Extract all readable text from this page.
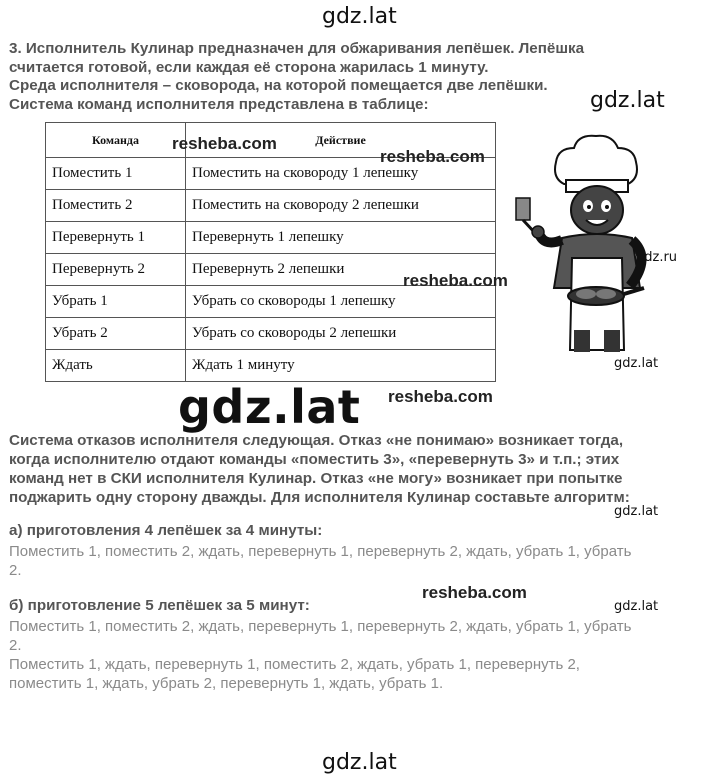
gdz.lat
gdz.lat
gdz.ru
gdz.lat
gdz.lat
gdz.lat
gdz.lat
gdz.lat
3. Исполнитель Кулинар предназначен для обжаривания лепёшек. Лепёшка
считается готовой, если каждая её сторона жарилась 1 минуту.
Среда исполнителя – сковорода, на которой помещается две лепёшки.
Система команд исполнителя представлена в таблице:
Команда	Действие
Поместить 1	Поместить на сковороду 1 лепешку
Поместить 2	Поместить на сковороду 2 лепешки
Перевернуть 1	Перевернуть 1 лепешку
Перевернуть 2	Перевернуть 2 лепешки
Убрать 1	Убрать со сковороды 1 лепешку
Убрать 2	Убрать со сковороды 2 лепешки
Ждать	Ждать 1 минуту
resheba.com
resheba.com
resheba.com
resheba.com
resheba.com
Система отказов исполнителя следующая. Отказ «не понимаю» возникает тогда,
когда исполнителю отдают команды «поместить 3», «перевернуть 3» и т.п.; этих
команд нет в СКИ исполнителя Кулинар. Отказ «не могу» возникает при попытке
поджарить одну сторону дважды. Для исполнителя Кулинар составьте алгоритм:
а) приготовления 4 лепёшек за 4 минуты:
Поместить 1, поместить 2, ждать, перевернуть 1, перевернуть 2, ждать, убрать 1, убрать
2.
б) приготовление 5 лепёшек за 5 минут:
Поместить 1, поместить 2, ждать, перевернуть 1, перевернуть 2, ждать, убрать 1, убрать
2.
Поместить 1, ждать, перевернуть 1, поместить 2, ждать, убрать 1, перевернуть 2,
поместить 1, ждать, убрать 2, перевернуть 1, ждать, убрать 1.
